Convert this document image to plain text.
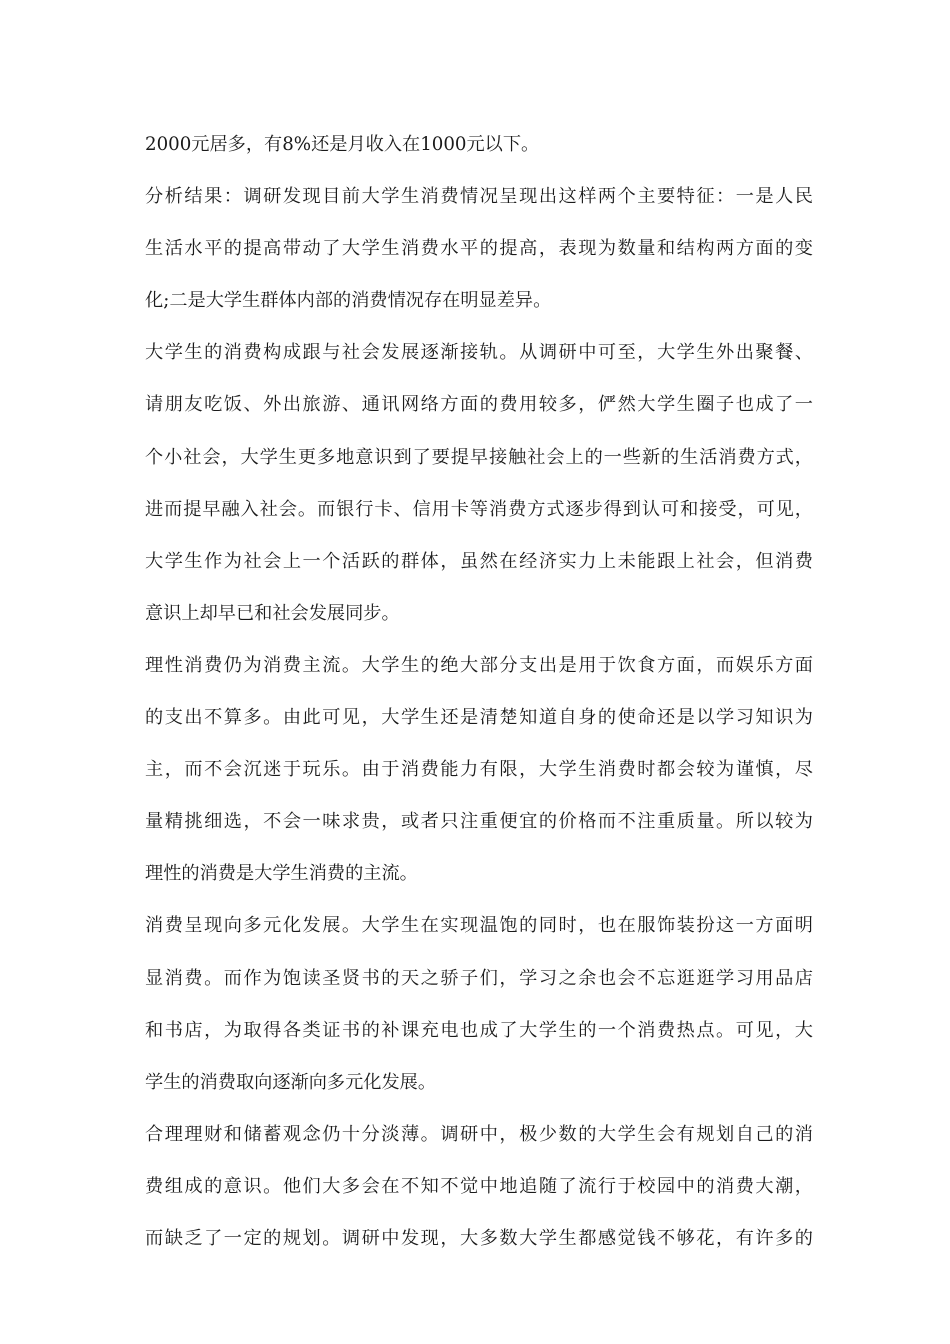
2000元居多，有8%还是月收入在1000元以下。
分析结果：调研发现目前大学生消费情况呈现出这样两个主要特征：一是人民
生活水平的提高带动了大学生消费水平的提高，表现为数量和结构两方面的变
化;二是大学生群体内部的消费情况存在明显差异。
大学生的消费构成跟与社会发展逐渐接轨。从调研中可至，大学生外出聚餐、
请朋友吃饭、外出旅游、通讯网络方面的费用较多，俨然大学生圈子也成了一
个小社会，大学生更多地意识到了要提早接触社会上的一些新的生活消费方式，
进而提早融入社会。而银行卡、信用卡等消费方式逐步得到认可和接受，可见，
大学生作为社会上一个活跃的群体，虽然在经济实力上未能跟上社会，但消费
意识上却早已和社会发展同步。
理性消费仍为消费主流。大学生的绝大部分支出是用于饮食方面，而娱乐方面
的支出不算多。由此可见，大学生还是清楚知道自身的使命还是以学习知识为
主，而不会沉迷于玩乐。由于消费能力有限，大学生消费时都会较为谨慎，尽
量精挑细选，不会一味求贵，或者只注重便宜的价格而不注重质量。所以较为
理性的消费是大学生消费的主流。
消费呈现向多元化发展。大学生在实现温饱的同时，也在服饰装扮这一方面明
显消费。而作为饱读圣贤书的天之骄子们，学习之余也会不忘逛逛学习用品店
和书店，为取得各类证书的补课充电也成了大学生的一个消费热点。可见，大
学生的消费取向逐渐向多元化发展。
合理理财和储蓄观念仍十分淡薄。调研中，极少数的大学生会有规划自己的消
费组成的意识。他们大多会在不知不觉中地追随了流行于校园中的消费大潮，
而缺乏了一定的规划。调研中发现，大多数大学生都感觉钱不够花，有许多的
